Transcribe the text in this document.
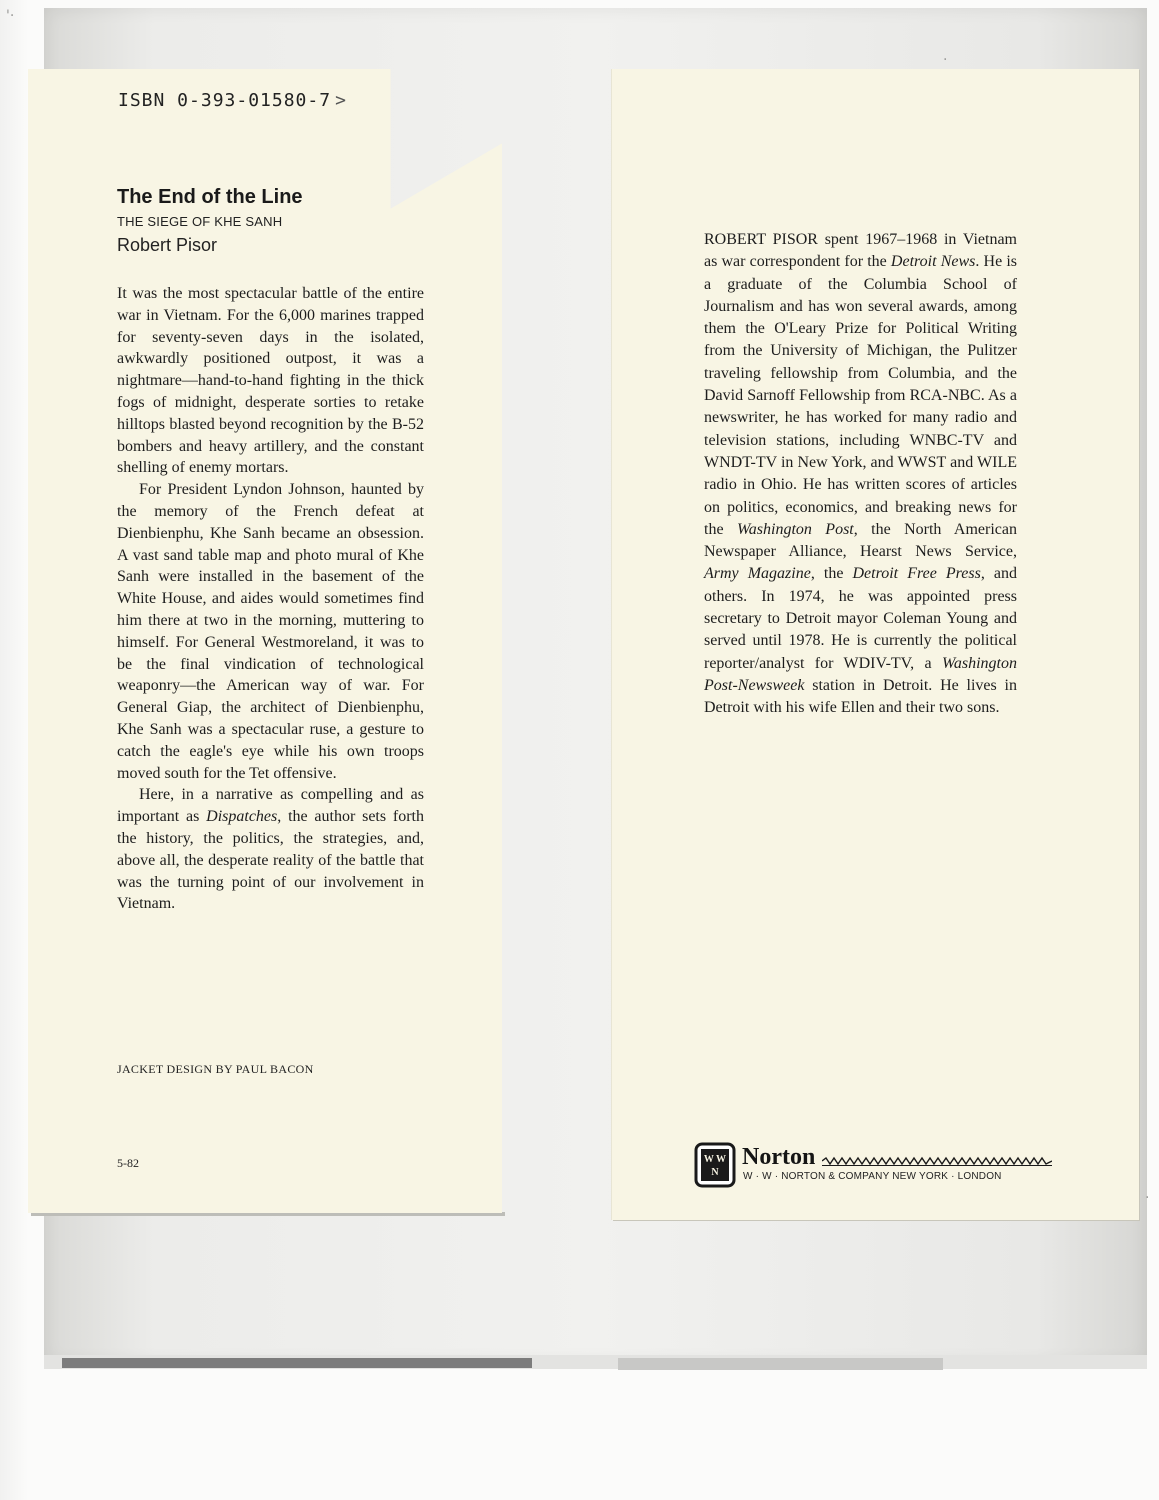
'·
·
·
ISBN 0-393-01580-7 >
The End of the Line
THE SIEGE OF KHE SANH
Robert Pisor

It was the most spectacular battle of the entire war in Vietnam. For the 6,000 marines trapped for seventy-seven days in the isolated, awkwardly positioned outpost, it was a nightmare—hand-to-hand fighting in the thick fogs of midnight, desperate sorties to retake hilltops blasted beyond recognition by the B-52 bombers and heavy artillery, and the constant shelling of enemy mortars.

For President Lyndon Johnson, haunted by the memory of the French defeat at Dienbienphu, Khe Sanh became an obsession. A vast sand table map and photo mural of Khe Sanh were installed in the basement of the White House, and aides would sometimes find him there at two in the morning, muttering to himself. For General Westmoreland, it was to be the final vindication of technological weaponry—the American way of war. For General Giap, the architect of Dienbienphu, Khe Sanh was a spectacular ruse, a gesture to catch the eagle's eye while his own troops moved south for the Tet offensive.

Here, in a narrative as compelling and as important as Dispatches, the author sets forth the history, the politics, the strategies, and, above all, the desperate reality of the battle that was the turning point of our involvement in Vietnam.

JACKET DESIGN BY PAUL BACON
5-82
ROBERT PISOR spent 1967–1968 in Vietnam as war correspondent for the Detroit News. He is a graduate of the Columbia School of Journalism and has won several awards, among them the O'Leary Prize for Political Writing from the University of Michigan, the Pulitzer traveling fellowship from Columbia, and the David Sarnoff Fellowship from RCA-NBC. As a newswriter, he has worked for many radio and television stations, including WNBC-TV and WNDT-TV in New York, and WWST and WILE radio in Ohio. He has written scores of articles on politics, economics, and breaking news for the Washington Post, the North American Newspaper Alliance, Hearst News Service, Army Magazine, the Detroit Free Press, and others. In 1974, he was appointed press secretary to Detroit mayor Coleman Young and served until 1978. He is currently the political reporter/analyst for WDIV-TV, a Washington Post-Newsweek station in Detroit. He lives in Detroit with his wife Ellen and their two sons.
W W
N
Norton
W · W · NORTON & COMPANY NEW YORK · LONDON
